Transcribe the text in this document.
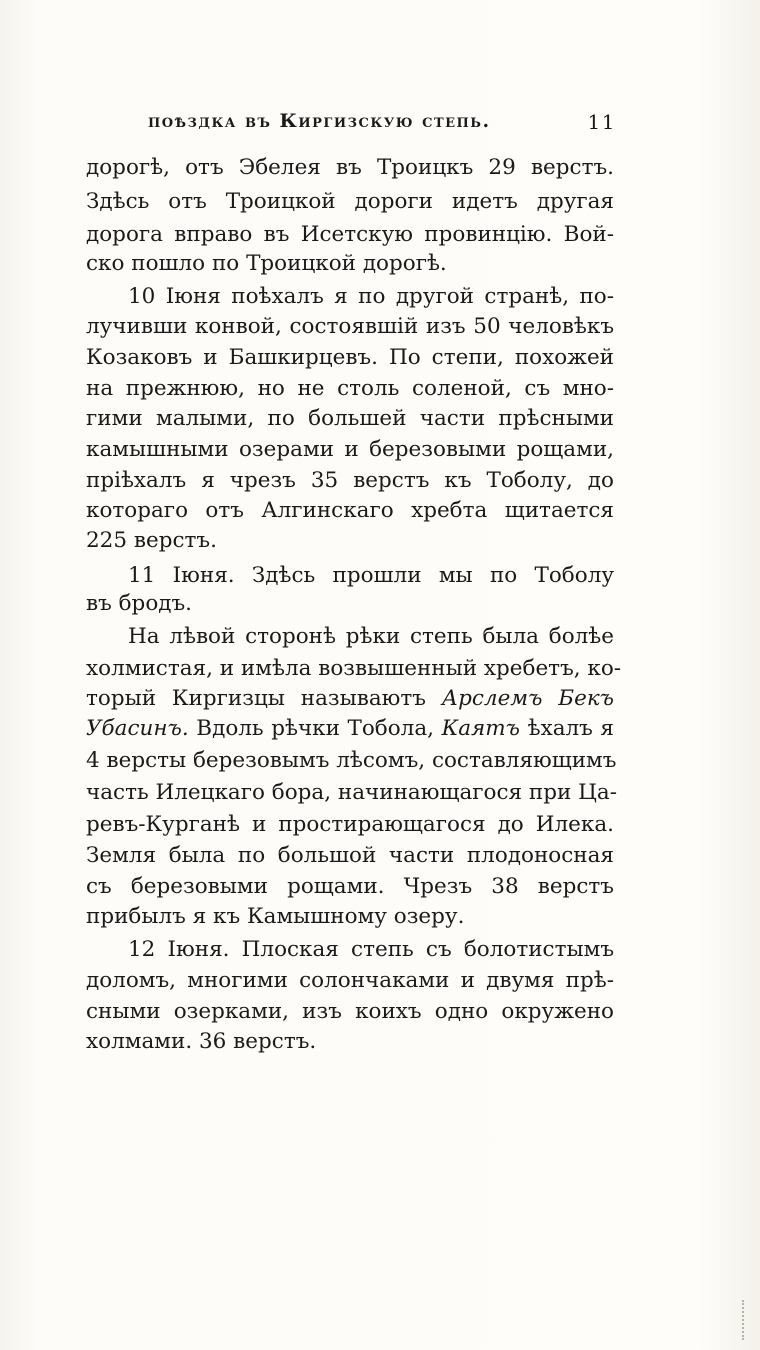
поѣздка въ Киргизскую степь.	11
дорогѣ, отъ Эбелея въ Троицкъ 29 верстъ.
Здѣсь отъ Троицкой дороги идетъ другая
дорога вправо въ Исетскую провинцію. Вой-
ско пошло по Троицкой дорогѣ.
10 Іюня поѣхалъ я по другой странѣ, по-
лучивши конвой, состоявшій изъ 50 человѣкъ
Козаковъ и Башкирцевъ. По степи, похожей
на прежнюю, но не столь соленой, съ мно-
гими малыми, по большей части прѣсными
камышными озерами и березовыми рощами,
пріѣхалъ я чрезъ 35 верстъ къ Тоболу, до
котораго отъ Алгинскаго хребта щитается
225 верстъ.
11 Іюня. Здѣсь прошли мы по Тоболу
въ бродъ.
На лѣвой сторонѣ рѣки степь была болѣе
холмистая, и имѣла возвышенный хребетъ, ко-
торый Киргизцы называютъ Арслемъ Бекъ
Убасинъ. Вдоль рѣчки Тобола, Каятъ ѣхалъ я
4 версты березовымъ лѣсомъ, составляющимъ
часть Илецкаго бора, начинающагося при Ца-
ревъ-Курганѣ и простирающагося до Илека.
Земля была по большой части плодоносная
съ березовыми рощами. Чрезъ 38 верстъ
прибылъ я къ Камышному озеру.
12 Іюня. Плоская степь съ болотистымъ
доломъ, многими солончаками и двумя прѣ-
сными озерками, изъ коихъ одно окружено
холмами. 36 верстъ.
